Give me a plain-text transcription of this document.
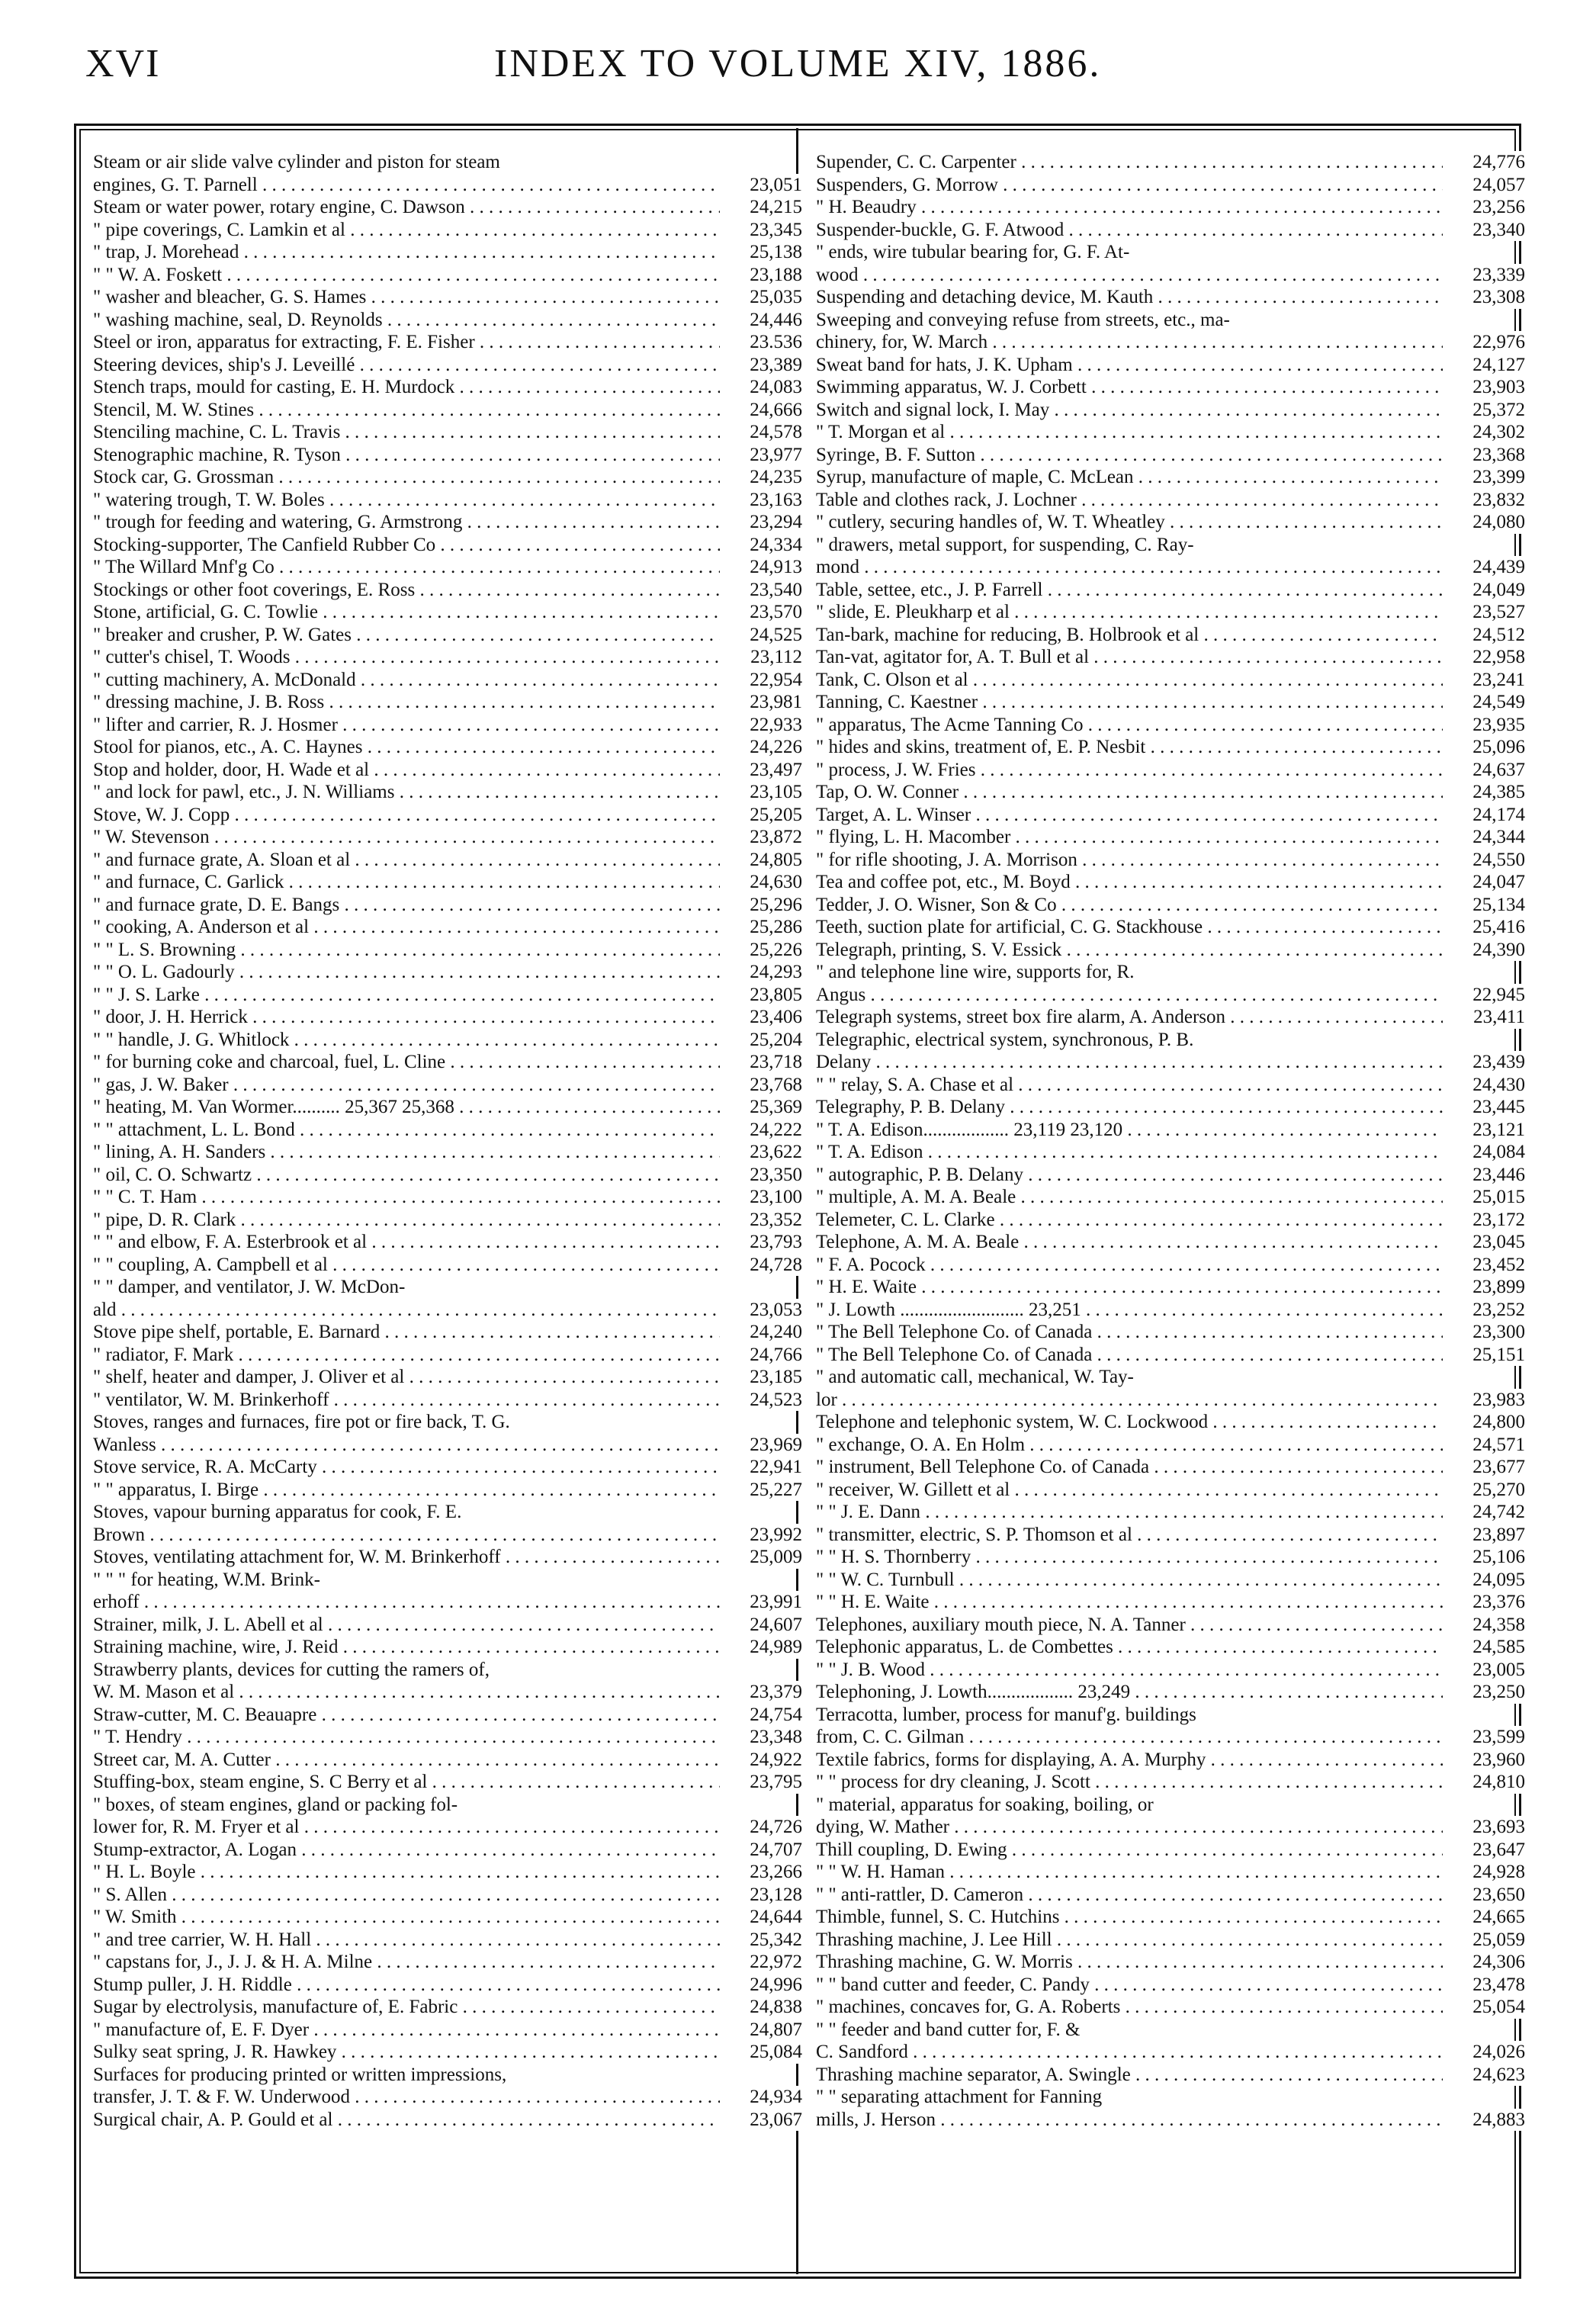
XVI	INDEX TO VOLUME XIV, 1886.
Steam or air slide valve cylinder and piston for steam
engines, G. T. Parnell . . .	23,051
Steam or water power, rotary engine, C. Dawson . . .	24,215
" pipe coverings, C. Lamkin et al . . .	23,345
" trap, J. Morehead . . .	25,138
" " W. A. Foskett . . .	23,188
" washer and bleacher, G. S. Hames . . .	25,035
" washing machine, seal, D. Reynolds . . .	24,446
Steel or iron, apparatus for extracting, F. E. Fisher . . .	23.536
Steering devices, ship's J. Leveillé . . .	23,389
Stench traps, mould for casting, E. H. Murdock . . .	24,083
Stencil, M. W. Stines . . .	24,666
Stenciling machine, C. L. Travis . . .	24,578
Stenographic machine, R. Tyson . . .	23,977
Stock car, G. Grossman . . .	24,235
" watering trough, T. W. Boles . . .	23,163
" trough for feeding and watering, G. Armstrong . . .	23,294
Stocking-supporter, The Canfield Rubber Co . . .	24,334
" The Willard Mnf'g Co . . .	24,913
Stockings or other foot coverings, E. Ross . . .	23,540
Stone, artificial, G. C. Towlie . . .	23,570
" breaker and crusher, P. W. Gates . . .	24,525
" cutter's chisel, T. Woods . . .	23,112
" cutting machinery, A. McDonald . . .	22,954
" dressing machine, J. B. Ross . . .	23,981
" lifter and carrier, R. J. Hosmer . . .	22,933
Stool for pianos, etc., A. C. Haynes . . .	24,226
Stop and holder, door, H. Wade et al . . .	23,497
" and lock for pawl, etc., J. N. Williams . . .	23,105
Stove, W. J. Copp . . .	25,205
" W. Stevenson . . .	23,872
" and furnace grate, A. Sloan et al . . .	24,805
" and furnace, C. Garlick . . .	24,630
" and furnace grate, D. E. Bangs . . .	25,296
" cooking, A. Anderson et al . . .	25,286
" " L. S. Browning . . .	25,226
" " O. L. Gadourly . . .	24,293
" " J. S. Larke . . .	23,805
" door, J. H. Herrick . . .	23,406
" " handle, J. G. Whitlock . . .	25,204
" for burning coke and charcoal, fuel, L. Cline . . .	23,718
" gas, J. W. Baker . . .	23,768
" heating, M. Van Wormer.......... 25,367 25,368 . . .	25,369
" " attachment, L. L. Bond . . .	24,222
" lining, A. H. Sanders . . .	23,622
" oil, C. O. Schwartz . . .	23,350
" " C. T. Ham . . .	23,100
" pipe, D. R. Clark . . .	23,352
" " and elbow, F. A. Esterbrook et al . . .	23,793
" " coupling, A. Campbell et al . . .	24,728
" " damper, and ventilator, J. W. McDon-
ald . . .	23,053
Stove pipe shelf, portable, E. Barnard . . .	24,240
" radiator, F. Mark . . .	24,766
" shelf, heater and damper, J. Oliver et al . . .	23,185
" ventilator, W. M. Brinkerhoff . . .	24,523
Stoves, ranges and furnaces, fire pot or fire back, T. G.
Wanless . . .	23,969
Stove service, R. A. McCarty . . .	22,941
" " apparatus, I. Birge . . .	25,227
Stoves, vapour burning apparatus for cook, F. E.
Brown . . .	23,992
Stoves, ventilating attachment for, W. M. Brinkerhoff . . .	25,009
" " " for heating, W.M. Brink-
erhoff . . .	23,991
Strainer, milk, J. L. Abell et al . . .	24,607
Straining machine, wire, J. Reid . . .	24,989
Strawberry plants, devices for cutting the ramers of,
W. M. Mason et al . . .	23,379
Straw-cutter, M. C. Beauapre . . .	24,754
" T. Hendry . . .	23,348
Street car, M. A. Cutter . . .	24,922
Stuffing-box, steam engine, S. C Berry et al . . .	23,795
" boxes, of steam engines, gland or packing fol-
lower for, R. M. Fryer et al . . .	24,726
Stump-extractor, A. Logan . . .	24,707
" H. L. Boyle . . .	23,266
" S. Allen . . .	23,128
" W. Smith . . .	24,644
" and tree carrier, W. H. Hall . . .	25,342
" capstans for, J., J. J. & H. A. Milne . . .	22,972
Stump puller, J. H. Riddle . . .	24,996
Sugar by electrolysis, manufacture of, E. Fabric . . .	24,838
" manufacture of, E. F. Dyer . . .	24,807
Sulky seat spring, J. R. Hawkey . . .	25,084
Surfaces for producing printed or written impressions,
transfer, J. T. & F. W. Underwood . . .	24,934
Surgical chair, A. P. Gould et al . . .	23,067
Supender, C. C. Carpenter . . .	24,776
Suspenders, G. Morrow . . .	24,057
" H. Beaudry . . .	23,256
Suspender-buckle, G. F. Atwood . . .	23,340
" ends, wire tubular bearing for, G. F. At-
wood . . .	23,339
Suspending and detaching device, M. Kauth . . .	23,308
Sweeping and conveying refuse from streets, etc., ma-
chinery, for, W. March . . .	22,976
Sweat band for hats, J. K. Upham . . .	24,127
Swimming apparatus, W. J. Corbett . . .	23,903
Switch and signal lock, I. May . . .	25,372
" T. Morgan et al . . .	24,302
Syringe, B. F. Sutton . . .	23,368
Syrup, manufacture of maple, C. McLean . . .	23,399
Table and clothes rack, J. Lochner . . .	23,832
" cutlery, securing handles of, W. T. Wheatley . . .	24,080
" drawers, metal support, for suspending, C. Ray-
mond . . .	24,439
Table, settee, etc., J. P. Farrell . . .	24,049
" slide, E. Pleukharp et al . . .	23,527
Tan-bark, machine for reducing, B. Holbrook et al . . .	24,512
Tan-vat, agitator for, A. T. Bull et al . . .	22,958
Tank, C. Olson et al . . .	23,241
Tanning, C. Kaestner . . .	24,549
" apparatus, The Acme Tanning Co . . .	23,935
" hides and skins, treatment of, E. P. Nesbit . . .	25,096
" process, J. W. Fries . . .	24,637
Tap, O. W. Conner . . .	24,385
Target, A. L. Winser . . .	24,174
" flying, L. H. Macomber . . .	24,344
" for rifle shooting, J. A. Morrison . . .	24,550
Tea and coffee pot, etc., M. Boyd . . .	24,047
Tedder, J. O. Wisner, Son & Co . . .	25,134
Teeth, suction plate for artificial, C. G. Stackhouse . . .	25,416
Telegraph, printing, S. V. Essick . . .	24,390
" and telephone line wire, supports for, R.
Angus . . .	22,945
Telegraph systems, street box fire alarm, A. Anderson . . .	23,411
Telegraphic, electrical system, synchronous, P. B.
Delany . . .	23,439
" " relay, S. A. Chase et al . . .	24,430
Telegraphy, P. B. Delany . . .	23,445
" T. A. Edison.................. 23,119 23,120 . . .	23,121
" T. A. Edison . . .	24,084
" autographic, P. B. Delany . . .	23,446
" multiple, A. M. A. Beale . . .	25,015
Telemeter, C. L. Clarke . . .	23,172
Telephone, A. M. A. Beale . . .	23,045
" F. A. Pocock . . .	23,452
" H. E. Waite . . .	23,899
" J. Lowth .......................... 23,251 . . .	23,252
" The Bell Telephone Co. of Canada . . .	23,300
" The Bell Telephone Co. of Canada . . .	25,151
" and automatic call, mechanical, W. Tay-
lor . . .	23,983
Telephone and telephonic system, W. C. Lockwood . . .	24,800
" exchange, O. A. En Holm . . .	24,571
" instrument, Bell Telephone Co. of Canada . . .	23,677
" receiver, W. Gillett et al . . .	25,270
" " J. E. Dann . . .	24,742
" transmitter, electric, S. P. Thomson et al . . .	23,897
" " H. S. Thornberry . . .	25,106
" " W. C. Turnbull . . .	24,095
" " H. E. Waite . . .	23,376
Telephones, auxiliary mouth piece, N. A. Tanner . . .	24,358
Telephonic apparatus, L. de Combettes . . .	24,585
" " J. B. Wood . . .	23,005
Telephoning, J. Lowth.................. 23,249 . . .	23,250
Terracotta, lumber, process for manuf'g. buildings
from, C. C. Gilman . . .	23,599
Textile fabrics, forms for displaying, A. A. Murphy . . .	23,960
" " process for dry cleaning, J. Scott . . .	24,810
" material, apparatus for soaking, boiling, or
dying, W. Mather . . .	23,693
Thill coupling, D. Ewing . . .	23,647
" " W. H. Haman . . .	24,928
" " anti-rattler, D. Cameron . . .	23,650
Thimble, funnel, S. C. Hutchins . . .	24,665
Thrashing machine, J. Lee Hill . . .	25,059
Thrashing machine, G. W. Morris . . .	24,306
" " band cutter and feeder, C. Pandy . . .	23,478
" machines, concaves for, G. A. Roberts . . .	25,054
" " feeder and band cutter for, F. &
C. Sandford . . .	24,026
Thrashing machine separator, A. Swingle . . .	24,623
" " separating attachment for Fanning
mills, J. Herson . . .	24,883
